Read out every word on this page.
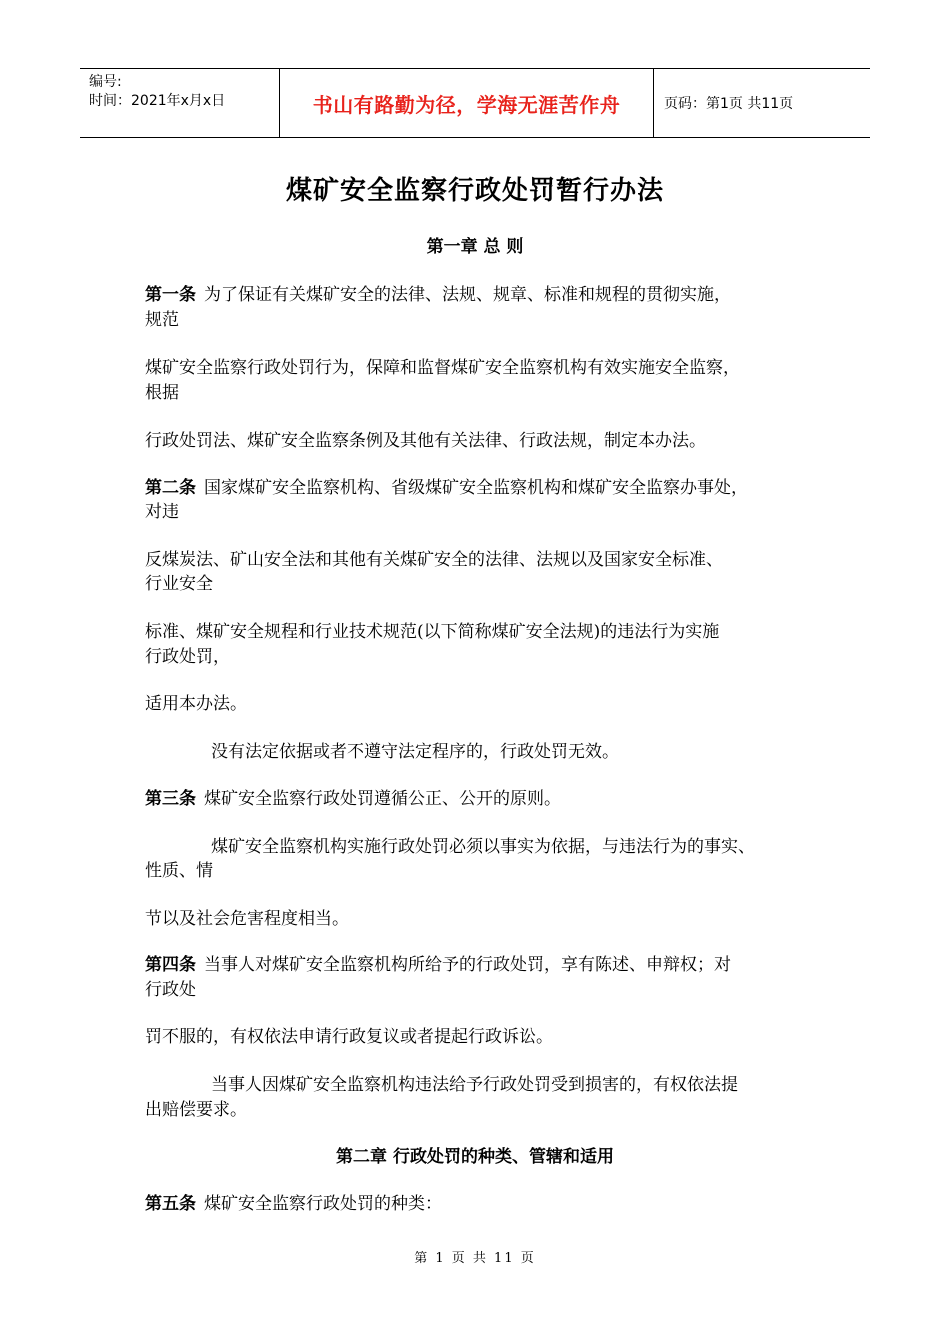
编号:
时间：2021年x月x日	书山有路勤为径，学海无涯苦作舟	页码：第1页 共11页
煤矿安全监察行政处罚暂行办法
第一章 总 则
第一条 为了保证有关煤矿安全的法律、法规、规章、标准和规程的贯彻实施，
规范
煤矿安全监察行政处罚行为，保障和监督煤矿安全监察机构有效实施安全监察，
根据
行政处罚法、煤矿安全监察条例及其他有关法律、行政法规，制定本办法。
第二条 国家煤矿安全监察机构、省级煤矿安全监察机构和煤矿安全监察办事处，
对违
反煤炭法、矿山安全法和其他有关煤矿安全的法律、法规以及国家安全标准、
行业安全
标准、煤矿安全规程和行业技术规范(以下简称煤矿安全法规)的违法行为实施
行政处罚，
适用本办法。
没有法定依据或者不遵守法定程序的，行政处罚无效。
第三条 煤矿安全监察行政处罚遵循公正、公开的原则。
煤矿安全监察机构实施行政处罚必须以事实为依据，与违法行为的事实、
性质、情
节以及社会危害程度相当。
第四条 当事人对煤矿安全监察机构所给予的行政处罚，享有陈述、申辩权；对
行政处
罚不服的，有权依法申请行政复议或者提起行政诉讼。
当事人因煤矿安全监察机构违法给予行政处罚受到损害的，有权依法提
出赔偿要求。
第二章 行政处罚的种类、管辖和适用
第五条 煤矿安全监察行政处罚的种类：
第 1 页 共 11 页
